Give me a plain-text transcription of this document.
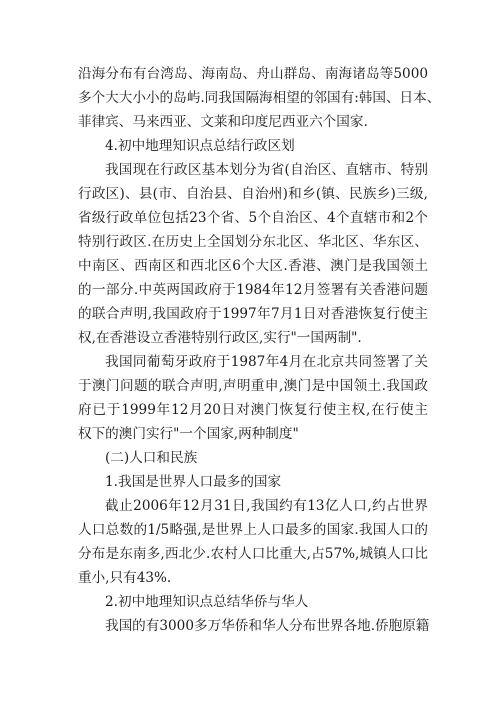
沿海分布有台湾岛、海南岛、舟山群岛、南海诸岛等5000
多个大大小小的岛屿.同我国隔海相望的邻国有:韩国、日本、
菲律宾、马来西亚、文莱和印度尼西亚六个国家.
4.初中地理知识点总结行政区划
我国现在行政区基本划分为省(自治区、直辖市、特别
行政区)、县(市、自治县、自治州)和乡(镇、民族乡)三级,
省级行政单位包括23个省、5个自治区、4个直辖市和2个
特别行政区.在历史上全国划分东北区、华北区、华东区、
中南区、西南区和西北区6个大区.香港、澳门是我国领土
的一部分.中英两国政府于1984年12月签署有关香港问题
的联合声明,我国政府于1997年7月1日对香港恢复行使主
权,在香港设立香港特别行政区,实行"一国两制".
我国同葡萄牙政府于1987年4月在北京共同签署了关
于澳门问题的联合声明,声明重申,澳门是中国领土.我国政
府已于1999年12月20日对澳门恢复行使主权,在行使主
权下的澳门实行"一个国家,两种制度"
(二)人口和民族
1.我国是世界人口最多的国家
截止2006年12月31日,我国约有13亿人口,约占世界
人口总数的1/5略强,是世界上人口最多的国家.我国人口的
分布是东南多,西北少.农村人口比重大,占57%,城镇人口比
重小,只有43%.
2.初中地理知识点总结华侨与华人
我国的有3000多万华侨和华人分布世界各地.侨胞原籍
